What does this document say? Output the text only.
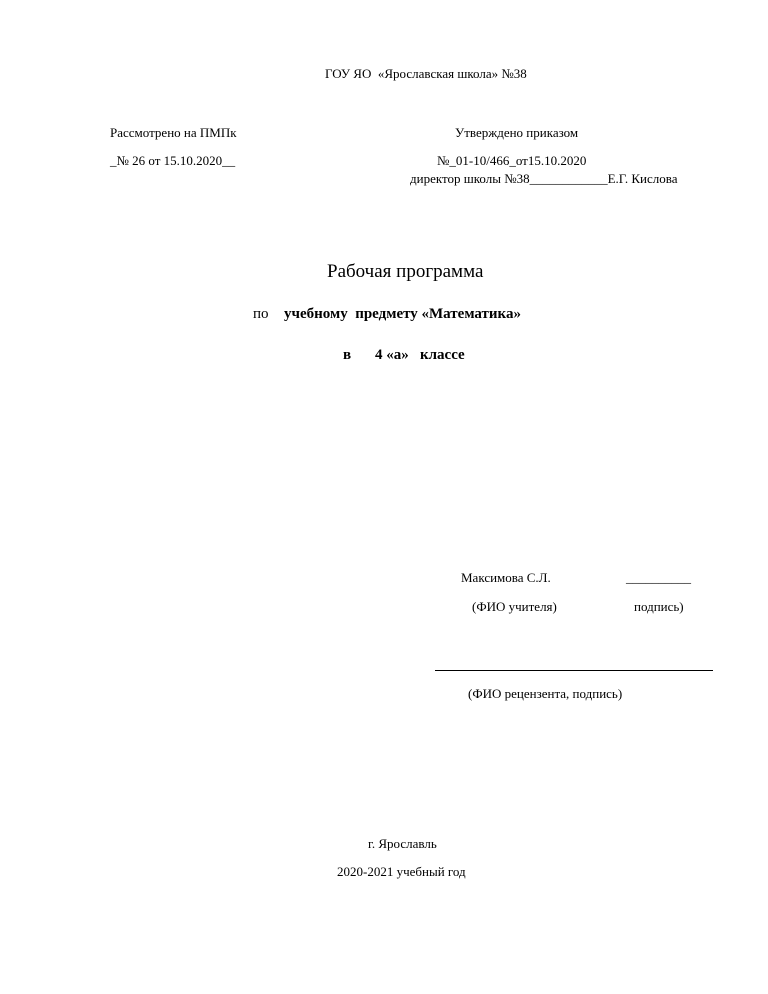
ГОУ ЯО  «Ярославская школа» №38
Рассмотрено на ПМПк
_№ 26 от 15.10.2020__
Утверждено приказом
№_01-10/466_от15.10.2020
директор школы №38____________Е.Г. Кислова
Рабочая программа
по учебному  предмету «Математика»
в 4 «а»   классе
Максимова С.Л.	__________
(ФИО учителя)	подпись)
(ФИО рецензента, подпись)
г. Ярославль
2020-2021 учебный год
